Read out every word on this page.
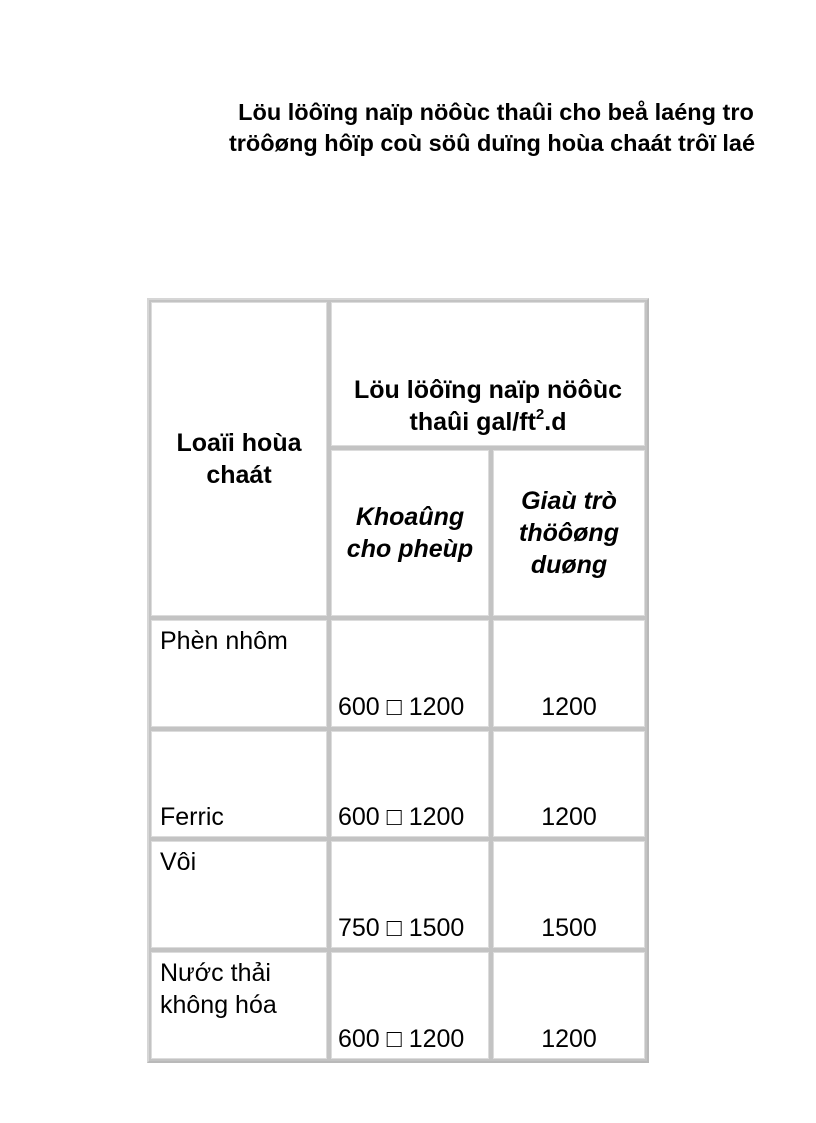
Löu löôïng naïp nöôùc thaûi cho beå laéng tro
tröôøng hôïp coù söû duïng hoùa chaát trôï laé
Loaïi hoùa chaát	Löu löôïng naïp nöôùc thaûi gal/$ft^2.d$	
	Khoaûng cho pheùp	Giaù trò thöôøng duøng
Phèn nhôm	600 □ 1200	1200
Ferric	600 □ 1200	1200
Vôi	750 □ 1500	1500
Nước thải không hóa	600 □ 1200	1200
